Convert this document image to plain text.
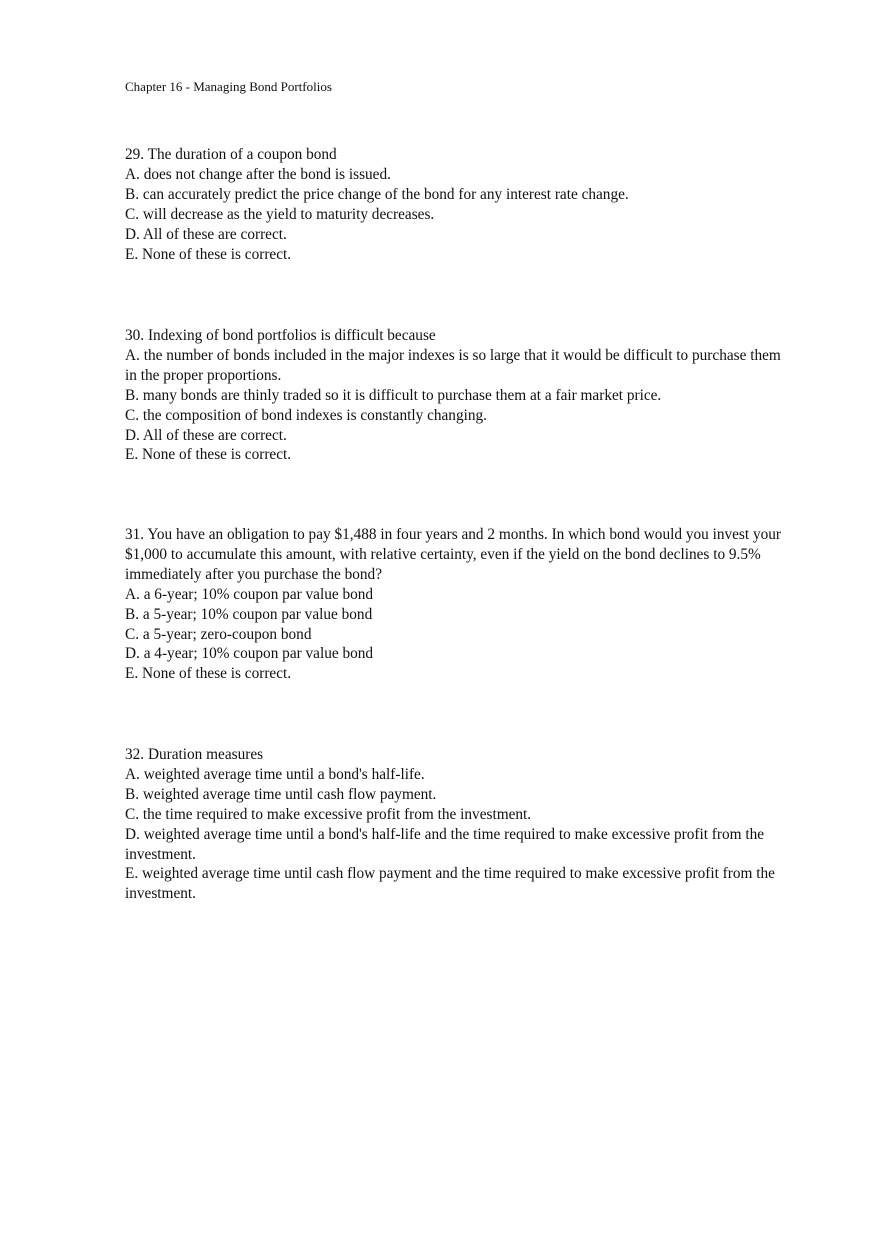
Chapter 16 - Managing Bond Portfolios
29. The duration of a coupon bond
A. does not change after the bond is issued.
B. can accurately predict the price change of the bond for any interest rate change.
C. will decrease as the yield to maturity decreases.
D. All of these are correct.
E. None of these is correct.
30. Indexing of bond portfolios is difficult because
A. the number of bonds included in the major indexes is so large that it would be difficult to purchase them in the proper proportions.
B. many bonds are thinly traded so it is difficult to purchase them at a fair market price.
C. the composition of bond indexes is constantly changing.
D. All of these are correct.
E. None of these is correct.
31. You have an obligation to pay $1,488 in four years and 2 months. In which bond would you invest your $1,000 to accumulate this amount, with relative certainty, even if the yield on the bond declines to 9.5% immediately after you purchase the bond?
A. a 6-year; 10% coupon par value bond
B. a 5-year; 10% coupon par value bond
C. a 5-year; zero-coupon bond
D. a 4-year; 10% coupon par value bond
E. None of these is correct.
32. Duration measures
A. weighted average time until a bond's half-life.
B. weighted average time until cash flow payment.
C. the time required to make excessive profit from the investment.
D. weighted average time until a bond's half-life and the time required to make excessive profit from the investment.
E. weighted average time until cash flow payment and the time required to make excessive profit from the investment.
